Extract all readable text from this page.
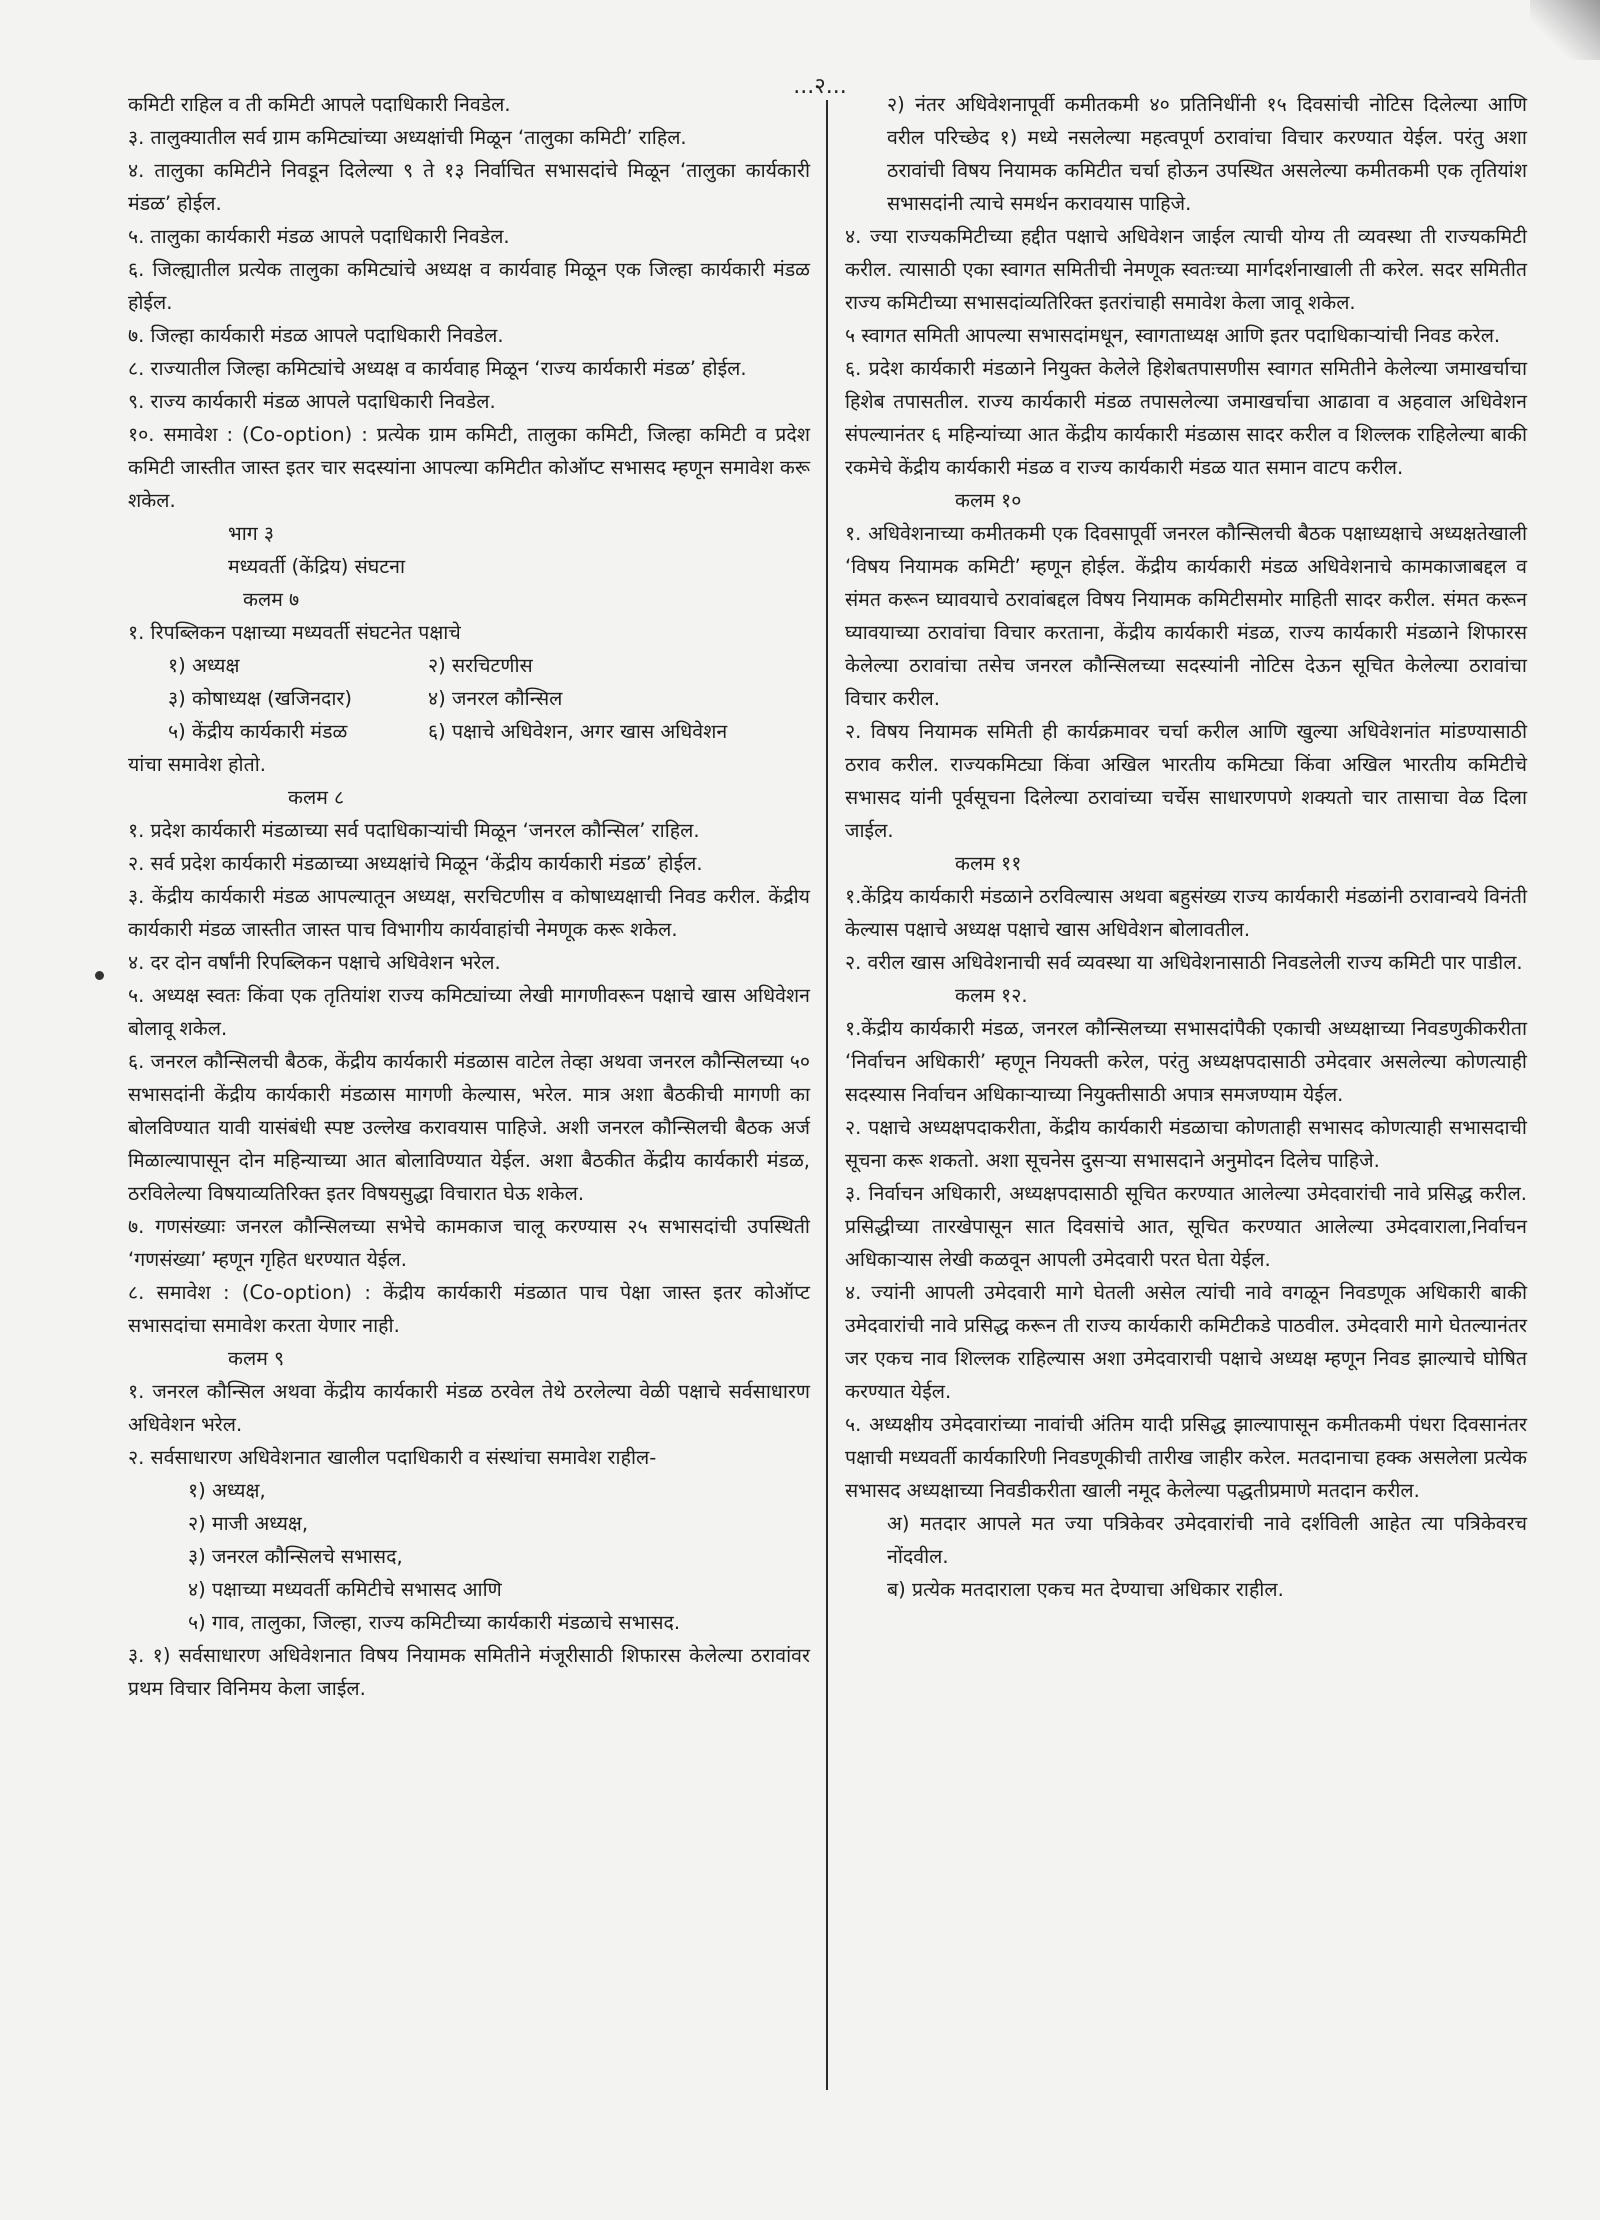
...२...

कमिटी राहिल व ती कमिटी आपले पदाधिकारी निवडेल.

३. तालुक्यातील सर्व ग्राम कमिट्यांच्या अध्यक्षांची मिळून ‘तालुका कमिटी’ राहिल.

४. तालुका कमिटीने निवडून दिलेल्या ९ ते १३ निर्वाचित सभासदांचे मिळून ‘तालुका कार्यकारी मंडळ’ होईल.

५. तालुका कार्यकारी मंडळ आपले पदाधिकारी निवडेल.

६. जिल्ह्यातील प्रत्येक तालुका कमिट्यांचे अध्यक्ष व कार्यवाह मिळून एक जिल्हा कार्यकारी मंडळ होईल.

७. जिल्हा कार्यकारी मंडळ आपले पदाधिकारी निवडेल.

८. राज्यातील जिल्हा कमिट्यांचे अध्यक्ष व कार्यवाह मिळून ‘राज्य कार्यकारी मंडळ’ होईल.

९. राज्य कार्यकारी मंडळ आपले पदाधिकारी निवडेल.

१०. समावेश : (Co-option) : प्रत्येक ग्राम कमिटी, तालुका कमिटी, जिल्हा कमिटी व प्रदेश कमिटी जास्तीत जास्त इतर चार सदस्यांना आपल्या कमिटीत कोऑप्ट सभासद म्हणून समावेश करू शकेल.

भाग ३

मध्यवर्ती (केंद्रिय) संघटना

कलम ७

१. रिपब्लिकन पक्षाच्या मध्यवर्ती संघटनेत पक्षाचे

१) अध्यक्ष	२) सरचिटणीस

३) कोषाध्यक्ष (खजिनदार)	४) जनरल कौन्सिल

५) केंद्रीय कार्यकारी मंडळ	६) पक्षाचे अधिवेशन, अगर खास अधिवेशन

यांचा समावेश होतो.

कलम ८

१. प्रदेश कार्यकारी मंडळाच्या सर्व पदाधिकाऱ्यांची मिळून ‘जनरल कौन्सिल’ राहिल.

२. सर्व प्रदेश कार्यकारी मंडळाच्या अध्यक्षांचे मिळून ‘केंद्रीय कार्यकारी मंडळ’ होईल.

३. केंद्रीय कार्यकारी मंडळ आपल्यातून अध्यक्ष, सरचिटणीस व कोषाध्यक्षाची निवड करील. केंद्रीय कार्यकारी मंडळ जास्तीत जास्त पाच विभागीय कार्यवाहांची नेमणूक करू शकेल.

४. दर दोन वर्षांनी रिपब्लिकन पक्षाचे अधिवेशन भरेल.

५. अध्यक्ष स्वतः किंवा एक तृतियांश राज्य कमिट्यांच्या लेखी मागणीवरून पक्षाचे खास अधिवेशन बोलावू शकेल.

६. जनरल कौन्सिलची बैठक, केंद्रीय कार्यकारी मंडळास वाटेल तेव्हा अथवा जनरल कौन्सिलच्या ५० सभासदांनी केंद्रीय कार्यकारी मंडळास मागणी केल्यास, भरेल. मात्र अशा बैठकीची मागणी का बोलविण्यात यावी यासंबंधी स्पष्ट उल्लेख करावयास पाहिजे. अशी जनरल कौन्सिलची बैठक अर्ज मिळाल्यापासून दोन महिन्याच्या आत बोलाविण्यात येईल. अशा बैठकीत केंद्रीय कार्यकारी मंडळ, ठरविलेल्या विषयाव्यतिरिक्त इतर विषयसुद्धा विचारात घेऊ शकेल.

७. गणसंख्याः जनरल कौन्सिलच्या सभेचे कामकाज चालू करण्यास २५ सभासदांची उपस्थिती ‘गणसंख्या’ म्हणून गृहित धरण्यात येईल.

८. समावेश : (Co-option) : केंद्रीय कार्यकारी मंडळात पाच पेक्षा जास्त इतर कोऑप्ट सभासदांचा समावेश करता येणार नाही.

कलम ९

१. जनरल कौन्सिल अथवा केंद्रीय कार्यकारी मंडळ ठरवेल तेथे ठरलेल्या वेळी पक्षाचे सर्वसाधारण अधिवेशन भरेल.

२. सर्वसाधारण अधिवेशनात खालील पदाधिकारी व संस्थांचा समावेश राहील-

१) अध्यक्ष,

२) माजी अध्यक्ष,

३) जनरल कौन्सिलचे सभासद,

४) पक्षाच्या मध्यवर्ती कमिटीचे सभासद आणि

५) गाव, तालुका, जिल्हा, राज्य कमिटीच्या कार्यकारी मंडळाचे सभासद.

३. १) सर्वसाधारण अधिवेशनात विषय नियामक समितीने मंजूरीसाठी शिफारस केलेल्या ठरावांवर प्रथम विचार विनिमय केला जाईल.

२) नंतर अधिवेशनापूर्वी कमीतकमी ४० प्रतिनिधींनी १५ दिवसांची नोटिस दिलेल्या आणि वरील परिच्छेद १) मध्ये नसलेल्या महत्वपूर्ण ठरावांचा विचार करण्यात येईल. परंतु अशा ठरावांची विषय नियामक कमिटीत चर्चा होऊन उपस्थित असलेल्या कमीतकमी एक तृतियांश सभासदांनी त्याचे समर्थन करावयास पाहिजे.

४. ज्या राज्यकमिटीच्या हद्दीत पक्षाचे अधिवेशन जाईल त्याची योग्य ती व्यवस्था ती राज्यकमिटी करील. त्यासाठी एका स्वागत समितीची नेमणूक स्वतःच्या मार्गदर्शनाखाली ती करेल. सदर समितीत राज्य कमिटीच्या सभासदांव्यतिरिक्त इतरांचाही समावेश केला जावू शकेल.

५ स्वागत समिती आपल्या सभासदांमधून, स्वागताध्यक्ष आणि इतर पदाधिकाऱ्यांची निवड करेल.

६. प्रदेश कार्यकारी मंडळाने नियुक्त केलेले हिशेबतपासणीस स्वागत समितीने केलेल्या जमाखर्चाचा हिशेब तपासतील. राज्य कार्यकारी मंडळ तपासलेल्या जमाखर्चाचा आढावा व अहवाल अधिवेशन संपल्यानंतर ६ महिन्यांच्या आत केंद्रीय कार्यकारी मंडळास सादर करील व शिल्लक राहिलेल्या बाकी रकमेचे केंद्रीय कार्यकारी मंडळ व राज्य कार्यकारी मंडळ यात समान वाटप करील.

कलम १०

१. अधिवेशनाच्या कमीतकमी एक दिवसापूर्वी जनरल कौन्सिलची बैठक पक्षाध्यक्षाचे अध्यक्षतेखाली ‘विषय नियामक कमिटी’ म्हणून होईल. केंद्रीय कार्यकारी मंडळ अधिवेशनाचे कामकाजाबद्दल व संमत करून घ्यावयाचे ठरावांबद्दल विषय नियामक कमिटीसमोर माहिती सादर करील. संमत करून घ्यावयाच्या ठरावांचा विचार करताना, केंद्रीय कार्यकारी मंडळ, राज्य कार्यकारी मंडळाने शिफारस केलेल्या ठरावांचा तसेच जनरल कौन्सिलच्या सदस्यांनी नोटिस देऊन सूचित केलेल्या ठरावांचा विचार करील.

२. विषय नियामक समिती ही कार्यक्रमावर चर्चा करील आणि खुल्या अधिवेशनांत मांडण्यासाठी ठराव करील. राज्यकमिट्या किंवा अखिल भारतीय कमिट्या किंवा अखिल भारतीय कमिटीचे सभासद यांनी पूर्वसूचना दिलेल्या ठरावांच्या चर्चेस साधारणपणे शक्यतो चार तासाचा वेळ दिला जाईल.

कलम ११

१.केंद्रिय कार्यकारी मंडळाने ठरविल्यास अथवा बहुसंख्य राज्य कार्यकारी मंडळांनी ठरावान्वये विनंती केल्यास पक्षाचे अध्यक्ष पक्षाचे खास अधिवेशन बोलावतील.

२. वरील खास अधिवेशनाची सर्व व्यवस्था या अधिवेशनासाठी निवडलेली राज्य कमिटी पार पाडील.

कलम १२.

१.केंद्रीय कार्यकारी मंडळ, जनरल कौन्सिलच्या सभासदांपैकी एकाची अध्यक्षाच्या निवडणुकीकरीता ‘निर्वाचन अधिकारी’ म्हणून नियक्ती करेल, परंतु अध्यक्षपदासाठी उमेदवार असलेल्या कोणत्याही सदस्यास निर्वाचन अधिकाऱ्याच्या नियुक्तीसाठी अपात्र समजण्याम येईल.

२. पक्षाचे अध्यक्षपदाकरीता, केंद्रीय कार्यकारी मंडळाचा कोणताही सभासद कोणत्याही सभासदाची सूचना करू शकतो. अशा सूचनेस दुसऱ्या सभासदाने अनुमोदन दिलेच पाहिजे.

३. निर्वाचन अधिकारी, अध्यक्षपदासाठी सूचित करण्यात आलेल्या उमेदवारांची नावे प्रसिद्ध करील. प्रसिद्धीच्या तारखेपासून सात दिवसांचे आत, सूचित करण्यात आलेल्या उमेदवाराला,निर्वाचन अधिकाऱ्यास लेखी कळवून आपली उमेदवारी परत घेता येईल.

४. ज्यांनी आपली उमेदवारी मागे घेतली असेल त्यांची नावे वगळून निवडणूक अधिकारी बाकी उमेदवारांची नावे प्रसिद्ध करून ती राज्य कार्यकारी कमिटीकडे पाठवील. उमेदवारी मागे घेतल्यानंतर जर एकच नाव शिल्लक राहिल्यास अशा उमेदवाराची पक्षाचे अध्यक्ष म्हणून निवड झाल्याचे घोषित करण्यात येईल.

५. अध्यक्षीय उमेदवारांच्या नावांची अंतिम यादी प्रसिद्ध झाल्यापासून कमीतकमी पंधरा दिवसानंतर पक्षाची मध्यवर्ती कार्यकारिणी निवडणूकीची तारीख जाहीर करेल. मतदानाचा हक्क असलेला प्रत्येक सभासद अध्यक्षाच्या निवडीकरीता खाली नमूद केलेल्या पद्धतीप्रमाणे मतदान करील.

अ) मतदार आपले मत ज्या पत्रिकेवर उमेदवारांची नावे दर्शविली आहेत त्या पत्रिकेवरच नोंदवील.

ब) प्रत्येक मतदाराला एकच मत देण्याचा अधिकार राहील.
